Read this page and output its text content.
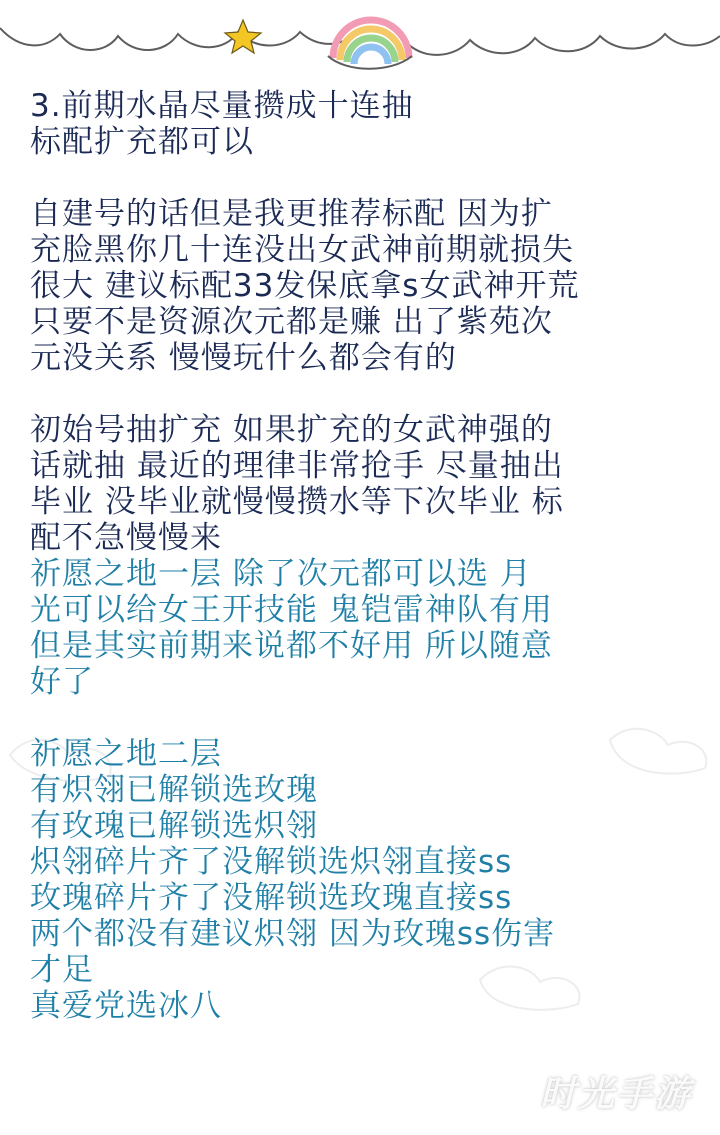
3.前期水晶尽量攒成十连抽
标配扩充都可以
自建号的话但是我更推荐标配 因为扩
充脸黑你几十连没出女武神前期就损失
很大 建议标配33发保底拿s女武神开荒
只要不是资源次元都是赚 出了紫苑次
元没关系 慢慢玩什么都会有的
初始号抽扩充 如果扩充的女武神强的
话就抽 最近的理律非常抢手 尽量抽出
毕业 没毕业就慢慢攒水等下次毕业 标
配不急慢慢来
祈愿之地一层 除了次元都可以选 月
光可以给女王开技能 鬼铠雷神队有用
但是其实前期来说都不好用 所以随意
好了
祈愿之地二层
有炽翎已解锁选玫瑰
有玫瑰已解锁选炽翎
炽翎碎片齐了没解锁选炽翎直接ss
玫瑰碎片齐了没解锁选玫瑰直接ss
两个都没有建议炽翎 因为玫瑰ss伤害
才足
真爱党选冰八
时光手游
